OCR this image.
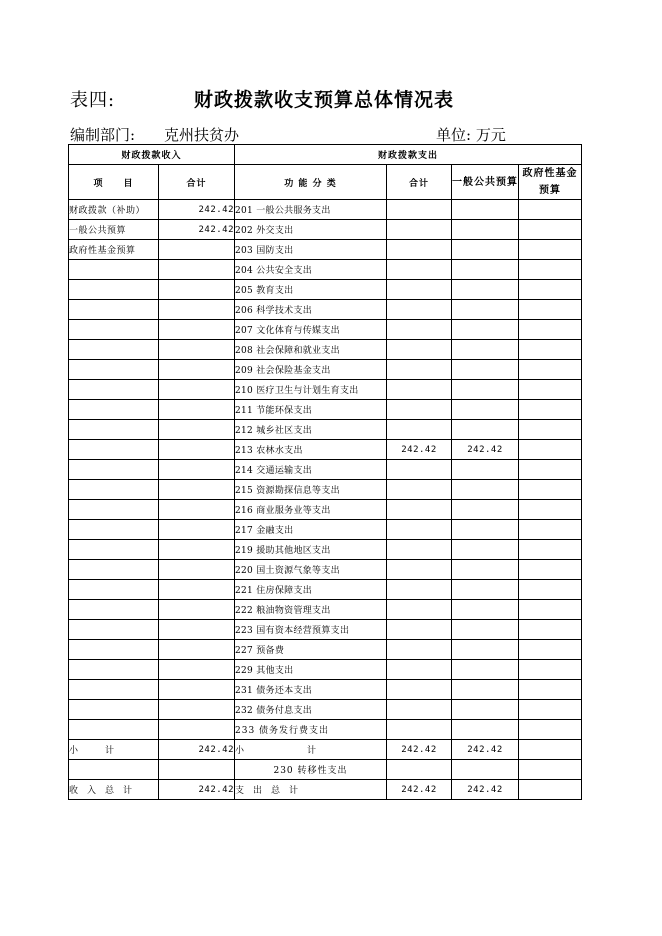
表四:	财政拨款收支预算总体情况表
编制部门: 克州扶贫办	单位: 万元
财政拨款收入		财政拨款支出			
项　　目	合计	功 能 分 类	合计	一般公共预算	政府性基金预算
财政拨款（补助）	242.42	201 一般公共服务支出			
一般公共预算	242.42	202 外交支出			
政府性基金预算		203 国防支出			
		204 公共安全支出			
		205 教育支出			
		206 科学技术支出			
		207 文化体育与传媒支出			
		208 社会保障和就业支出			
		209 社会保险基金支出			
		210 医疗卫生与计划生育支出			
		211 节能环保支出			
		212 城乡社区支出			
		213 农林水支出	242.42	242.42	
		214 交通运输支出			
		215 资源勘探信息等支出			
		216 商业服务业等支出			
		217 金融支出			
		219 援助其他地区支出			
		220 国土资源气象等支出			
		221 住房保障支出			
		222 粮油物资管理支出			
		223 国有资本经营预算支出			
		227 预备费			
		229 其他支出			
		231 债务还本支出			
		232 债务付息支出			
		233 债务发行费支出			
小　　　计	242.42	小　　　　　　　计	242.42	242.42	
		230 转移性支出			
收　入　总　计	242.42	支　出　总　计	242.42	242.42	
